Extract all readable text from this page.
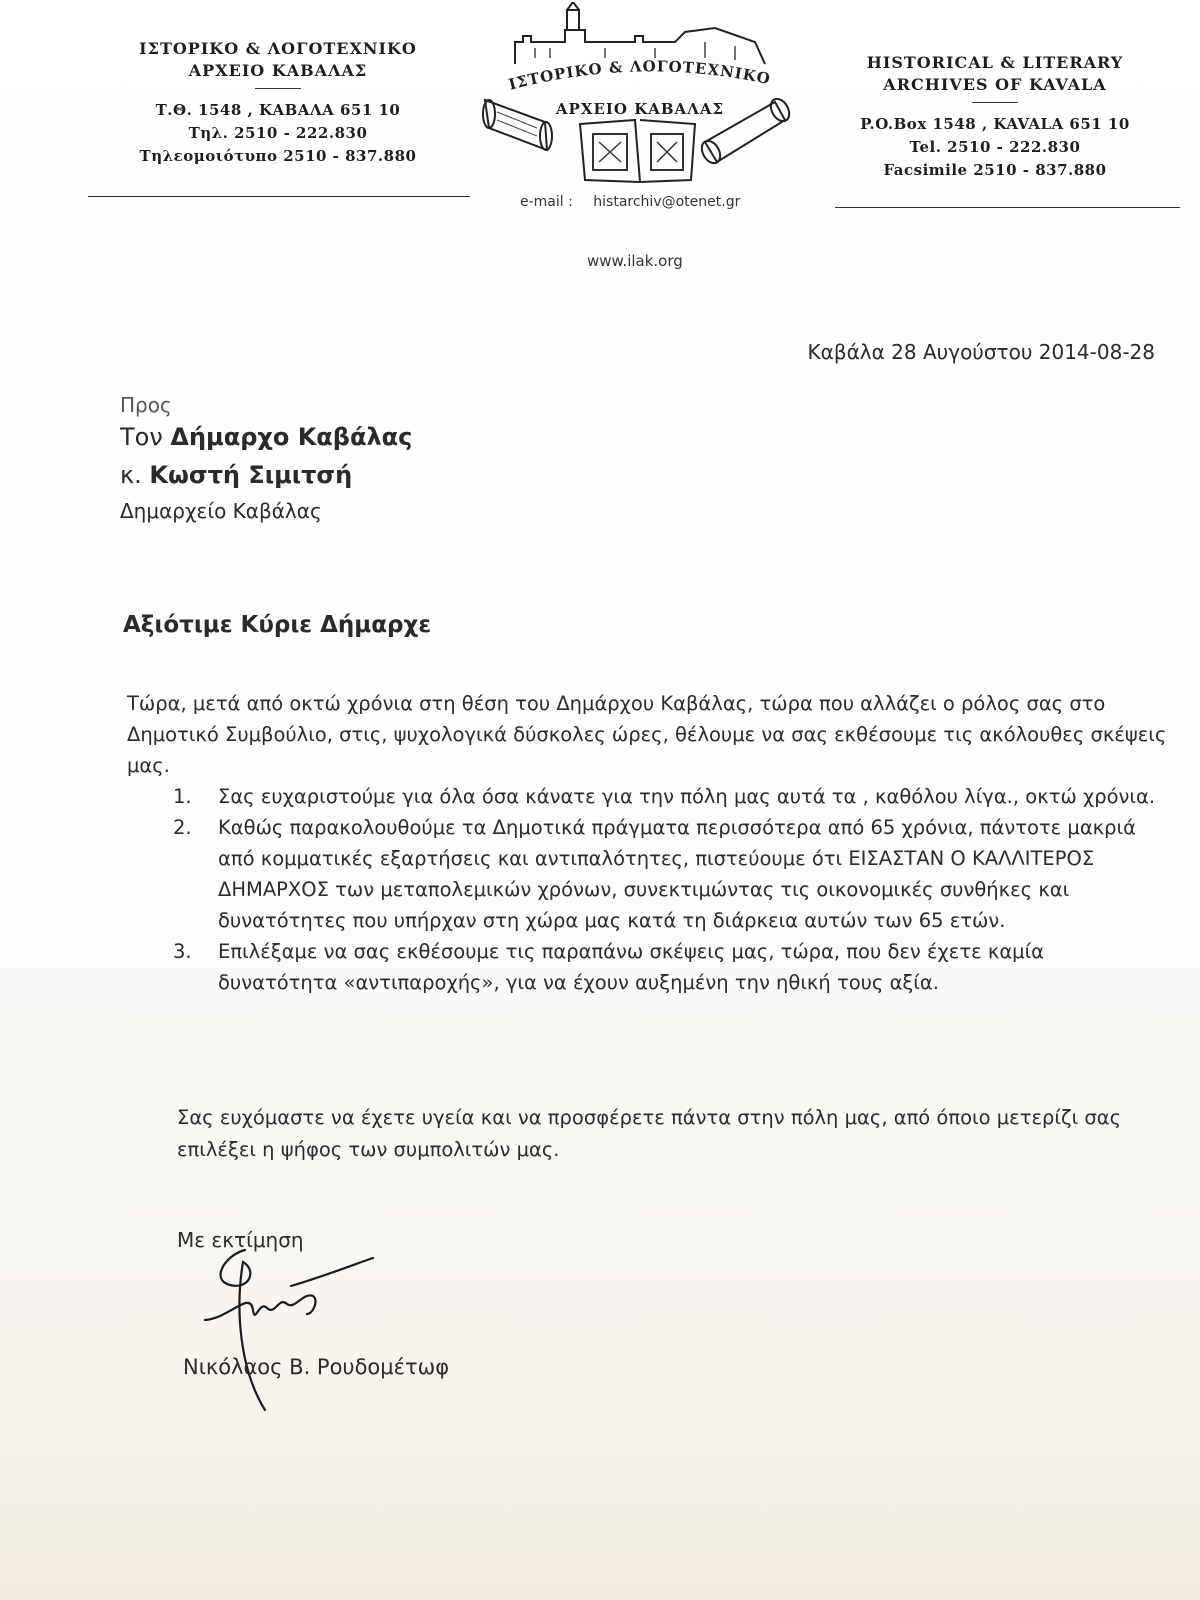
ΙΣΤΟΡΙΚΟ & ΛΟΓΟΤΕΧΝΙΚΟ
ΑΡΧΕΙΟ ΚΑΒΑΛΑΣ
Τ.Θ. 1548 , ΚΑΒΑΛΑ 651 10
Τηλ. 2510 - 222.830
Τηλεομοιότυπο 2510 - 837.880
ΙΣΤΟΡΙΚΟ & ΛΟΓΟΤΕΧΝΙΚΟ
ΑΡΧΕΙΟ ΚΑΒΑΛΑΣ
e-mail : histarchiv@otenet.gr
www.ilak.org
HISTORICAL & LITERARY
ARCHIVES OF KAVALA
P.O.Box 1548 , KAVALA 651 10
Tel. 2510 - 222.830
Facsimile 2510 - 837.880
Καβάλα 28 Αυγούστου 2014-08-28
Προς
Τον Δήμαρχο Καβάλας
κ. Κωστή Σιμιτσή
Δημαρχείο Καβάλας
Αξιότιμε Κύριε Δήμαρχε

Τώρα, μετά από οκτώ χρόνια στη θέση του Δημάρχου Καβάλας, τώρα που αλλάζει ο ρόλος σας στο Δημοτικό Συμβούλιο, στις, ψυχολογικά δύσκολες ώρες, θέλουμε να σας εκθέσουμε τις ακόλουθες σκέψεις μας.

1. Σας ευχαριστούμε για όλα όσα κάνατε για την πόλη μας αυτά τα , καθόλου λίγα., οκτώ χρόνια.
2. Καθώς παρακολουθούμε τα Δημοτικά πράγματα περισσότερα από 65 χρόνια, πάντοτε μακριά από κομματικές εξαρτήσεις και αντιπαλότητες, πιστεύουμε ότι ΕΙΣΑΣΤΑΝ Ο ΚΑΛΛΙΤΕΡΟΣ ΔΗΜΑΡΧΟΣ των μεταπολεμικών χρόνων, συνεκτιμώντας τις οικονομικές συνθήκες και δυνατότητες που υπήρχαν στη χώρα μας κατά τη διάρκεια αυτών των 65 ετών.
3. Επιλέξαμε να σας εκθέσουμε τις παραπάνω σκέψεις μας, τώρα, που δεν έχετε καμία δυνατότητα «αντιπαροχής», για να έχουν αυξημένη την ηθική τους αξία.
Σας ευχόμαστε να έχετε υγεία και να προσφέρετε πάντα στην πόλη μας, από όποιο μετερίζι σας επιλέξει η ψήφος των συμπολιτών μας.
Με εκτίμηση
Νικόλαος Β. Ρουδομέτωφ
